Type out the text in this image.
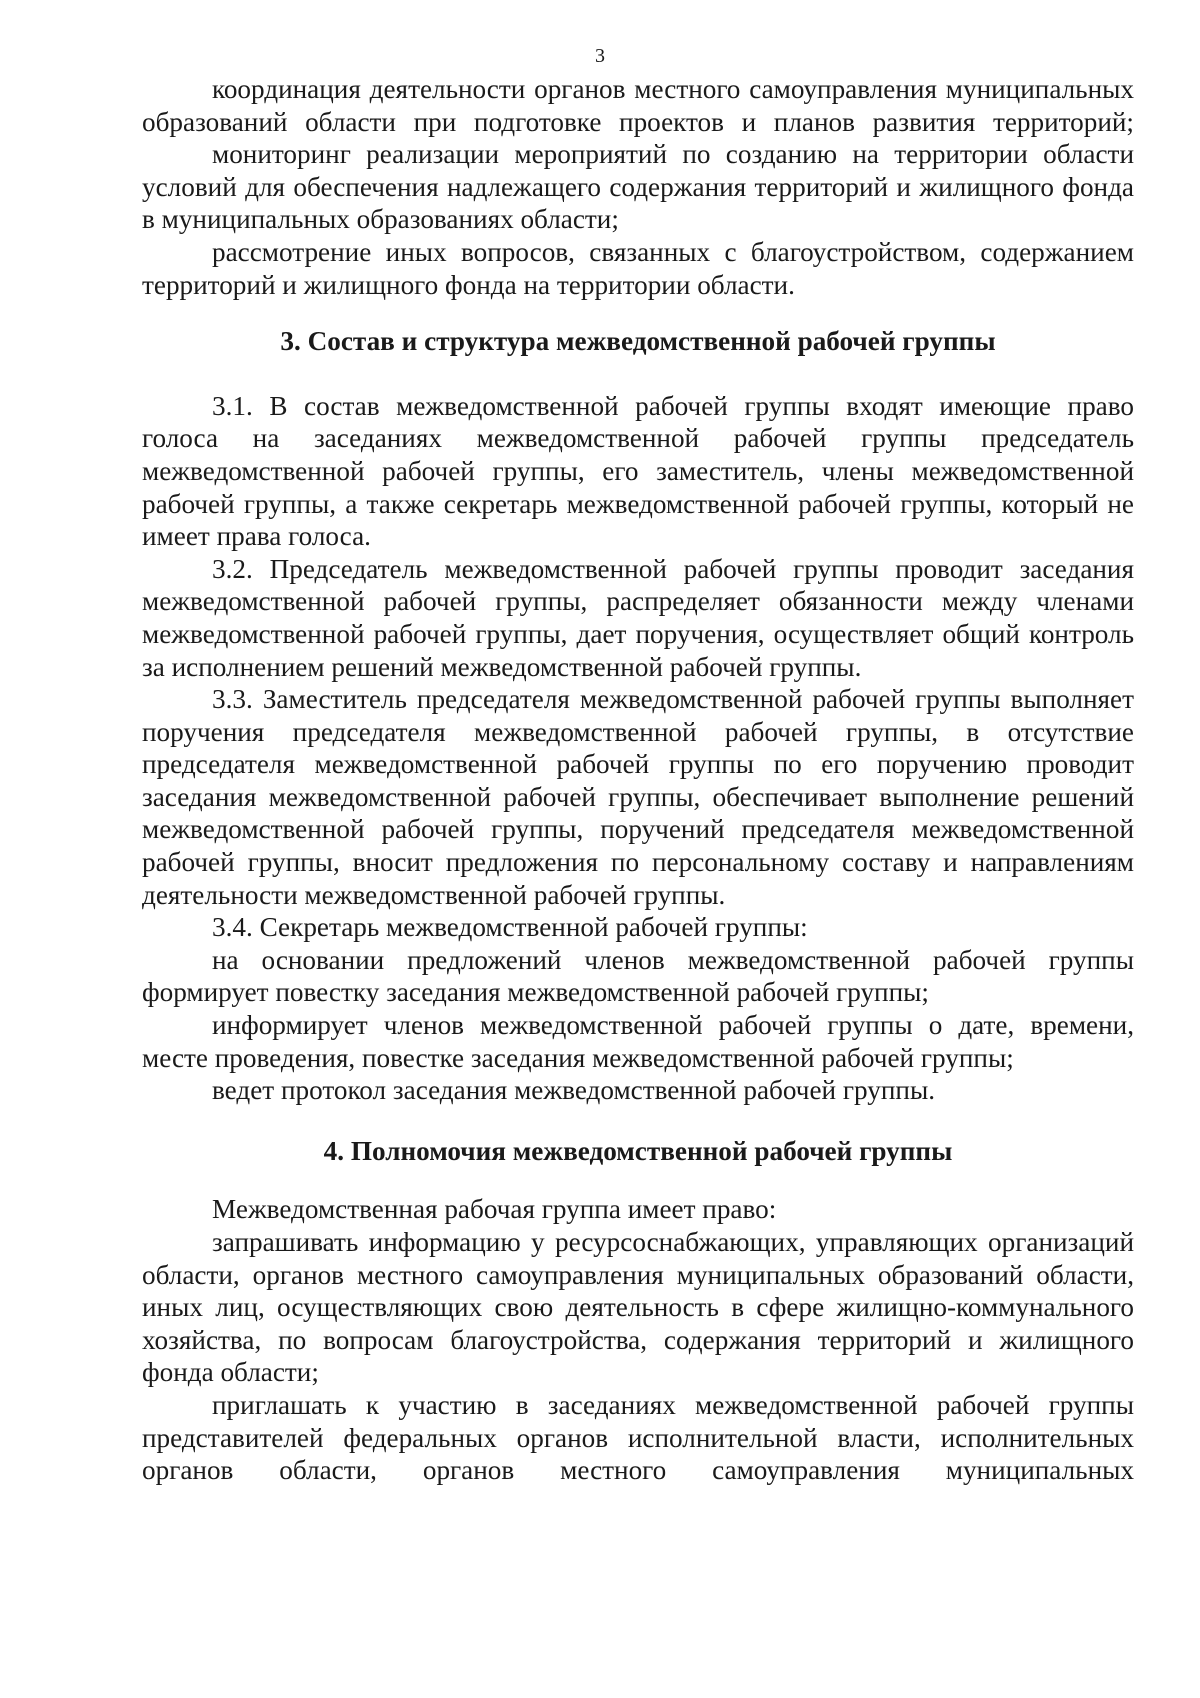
3

координация деятельности органов местного самоуправления муниципальных образований области при подготовке проектов и планов развития территорий;

мониторинг реализации мероприятий по созданию на территории области условий для обеспечения надлежащего содержания территорий и жилищного фонда в муниципальных образованиях области;

рассмотрение иных вопросов, связанных с благоустройством, содержанием территорий и жилищного фонда на территории области.

3. Состав и структура межведомственной рабочей группы

3.1. В состав межведомственной рабочей группы входят имеющие право голоса на заседаниях межведомственной рабочей группы председатель межведомственной рабочей группы, его заместитель, члены межведомственной рабочей группы, а также секретарь межведомственной рабочей группы, который не имеет права голоса.

3.2. Председатель межведомственной рабочей группы проводит заседания межведомственной рабочей группы, распределяет обязанности между членами межведомственной рабочей группы, дает поручения, осуществляет общий контроль за исполнением решений межведомственной рабочей группы.

3.3. Заместитель председателя межведомственной рабочей группы выполняет поручения председателя межведомственной рабочей группы, в отсутствие председателя межведомственной рабочей группы по его поручению проводит заседания межведомственной рабочей группы, обеспечивает выполнение решений межведомственной рабочей группы, поручений председателя межведомственной рабочей группы, вносит предложения по персональному составу и направлениям деятельности межведомственной рабочей группы.

3.4. Секретарь межведомственной рабочей группы:

на основании предложений членов межведомственной рабочей группы формирует повестку заседания межведомственной рабочей группы;

информирует членов межведомственной рабочей группы о дате, времени, месте проведения, повестке заседания межведомственной рабочей группы;

ведет протокол заседания межведомственной рабочей группы.

4. Полномочия межведомственной рабочей группы

Межведомственная рабочая группа имеет право:

запрашивать информацию у ресурсоснабжающих, управляющих организаций области, органов местного самоуправления муниципальных образований области, иных лиц, осуществляющих свою деятельность в сфере жилищно-коммунального хозяйства, по вопросам благоустройства, содержания территорий и жилищного фонда области;

приглашать к участию в заседаниях межведомственной рабочей группы представителей федеральных органов исполнительной власти, исполнительных органов области, органов местного самоуправления муниципальных
